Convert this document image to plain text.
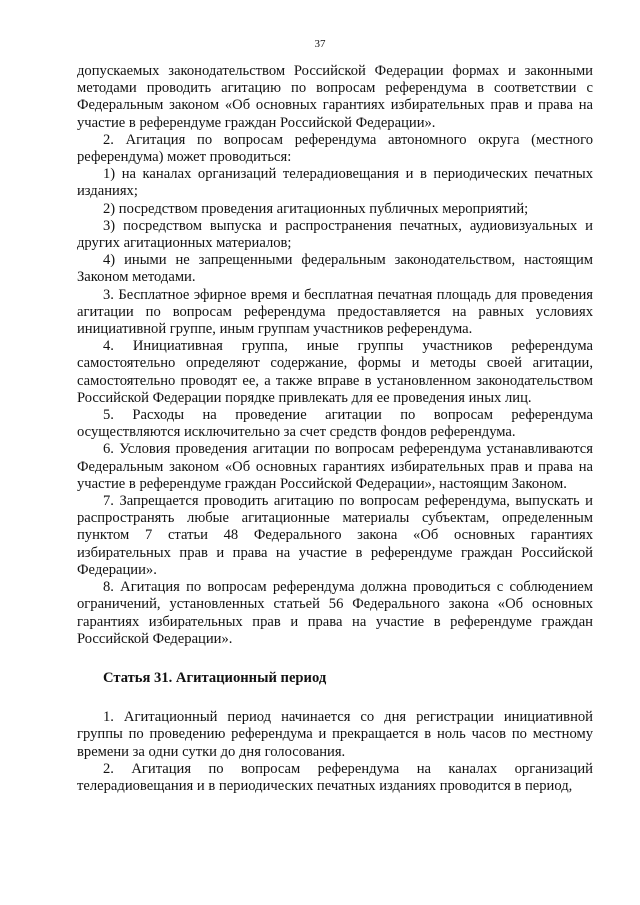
37

допускаемых законодательством Российской Федерации формах и законными методами проводить агитацию по вопросам референдума в соответствии с Федеральным законом «Об основных гарантиях избирательных прав и права на участие в референдуме граждан Российской Федерации».

2. Агитация по вопросам референдума автономного округа (местного референдума) может проводиться:

1) на каналах организаций телерадиовещания и в периодических печатных изданиях;

2) посредством проведения агитационных публичных мероприятий;

3) посредством выпуска и распространения печатных, аудиовизуальных и других агитационных материалов;

4) иными не запрещенными федеральным законодательством, настоящим Законом методами.

3. Бесплатное эфирное время и бесплатная печатная площадь для проведения агитации по вопросам референдума предоставляется на равных условиях инициативной группе, иным группам участников референдума.

4. Инициативная группа, иные группы участников референдума самостоятельно определяют содержание, формы и методы своей агитации, самостоятельно проводят ее, а также вправе в установленном законодательством Российской Федерации порядке привлекать для ее проведения иных лиц.

5. Расходы на проведение агитации по вопросам референдума осуществляются исключительно за счет средств фондов референдума.

6. Условия проведения агитации по вопросам референдума устанавливаются Федеральным законом «Об основных гарантиях избирательных прав и права на участие в референдуме граждан Российской Федерации», настоящим Законом.

7. Запрещается проводить агитацию по вопросам референдума, выпускать и распространять любые агитационные материалы субъектам, определенным пунктом 7 статьи 48 Федерального закона «Об основных гарантиях избирательных прав и права на участие в референдуме граждан Российской Федерации».

8. Агитация по вопросам референдума должна проводиться с соблюдением ограничений, установленных статьей 56 Федерального закона «Об основных гарантиях избирательных прав и права на участие в референдуме граждан Российской Федерации».

Статья 31. Агитационный период

1. Агитационный период начинается со дня регистрации инициативной группы по проведению референдума и прекращается в ноль часов по местному времени за одни сутки до дня голосования.

2. Агитация по вопросам референдума на каналах организаций телерадиовещания и в периодических печатных изданиях проводится в период,
